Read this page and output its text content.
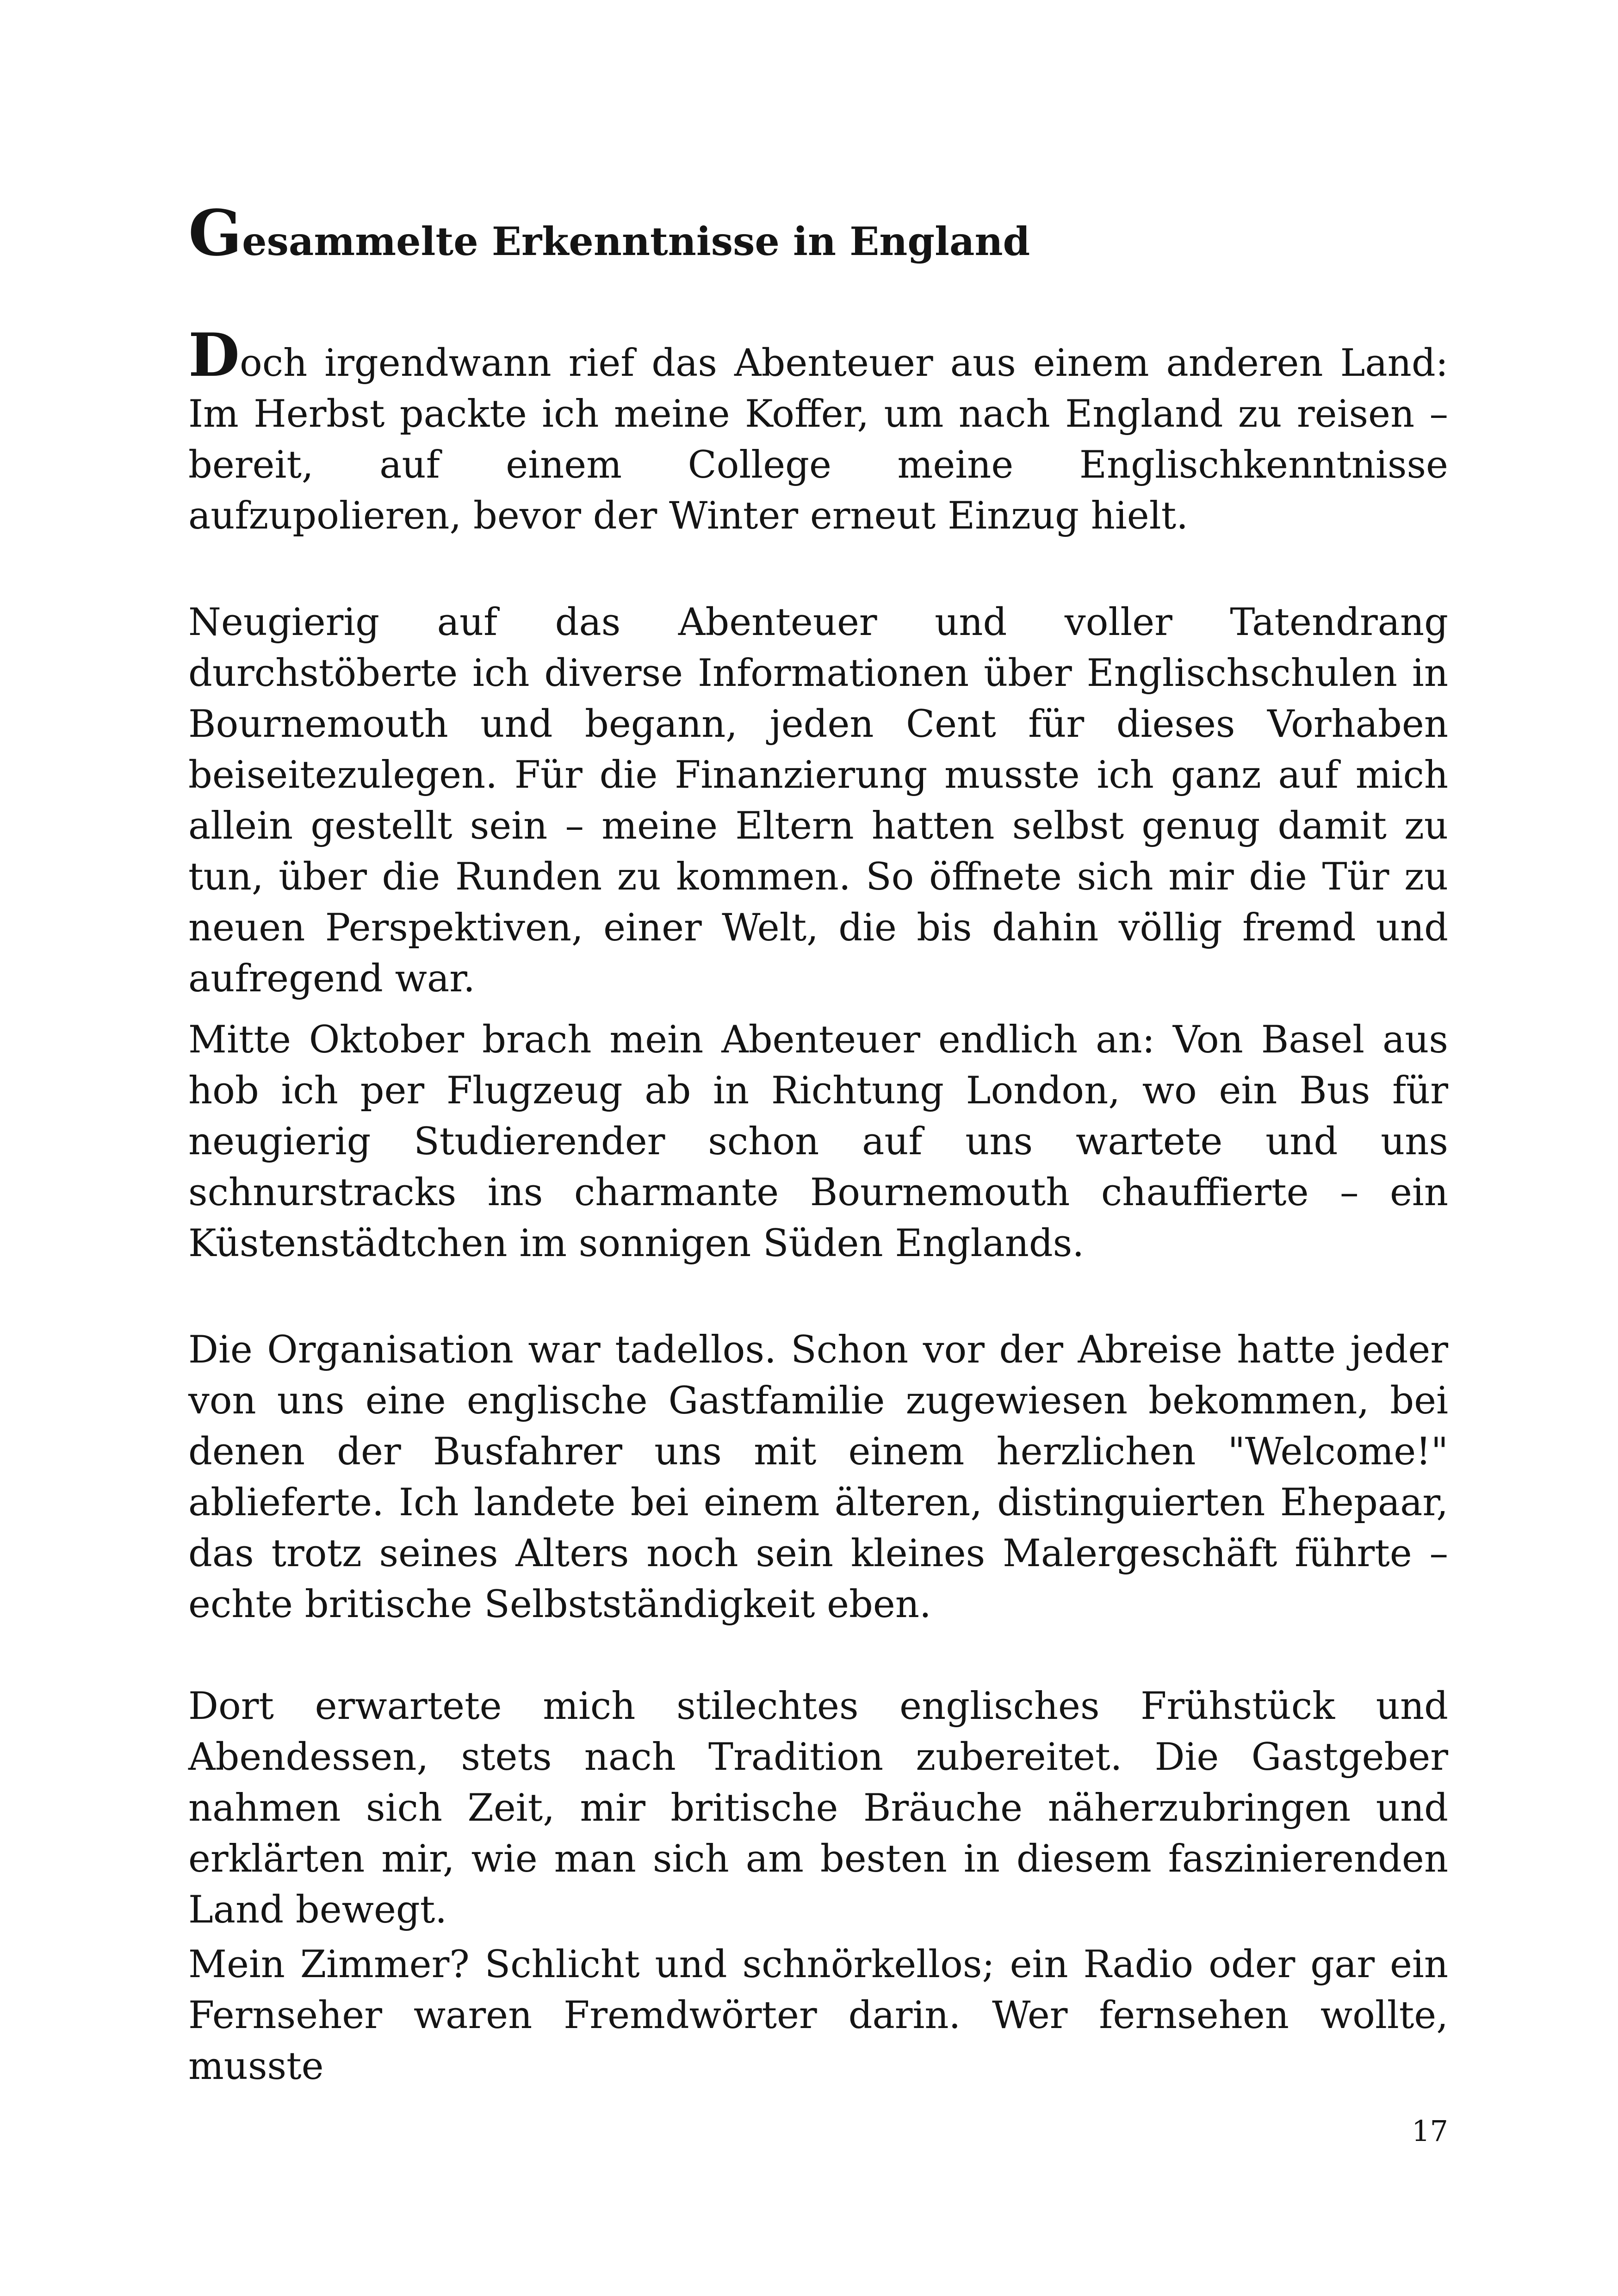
Gesammelte Erkenntnisse in England

Doch irgendwann rief das Abenteuer aus einem anderen Land: Im Herbst packte ich meine Koffer, um nach England zu reisen – bereit, auf einem College meine Englischkenntnisse aufzupolieren, bevor der Winter erneut Einzug hielt.

Neugierig auf das Abenteuer und voller Tatendrang durchstöberte ich diverse Informationen über Englischschulen in Bournemouth und begann, jeden Cent für dieses Vorhaben beiseitezulegen. Für die Finanzierung musste ich ganz auf mich allein gestellt sein – meine Eltern hatten selbst genug damit zu tun, über die Runden zu kommen. So öffnete sich mir die Tür zu neuen Perspektiven, einer Welt, die bis dahin völlig fremd und aufregend war.

Mitte Oktober brach mein Abenteuer endlich an: Von Basel aus hob ich per Flugzeug ab in Richtung London, wo ein Bus für neugierig Studierender schon auf uns wartete und uns schnurstracks ins charmante Bournemouth chauffierte – ein Küstenstädtchen im sonnigen Süden Englands.

Die Organisation war tadellos. Schon vor der Abreise hatte jeder von uns eine englische Gastfamilie zugewiesen bekommen, bei denen der Busfahrer uns mit einem herzlichen "Welcome!" ablieferte. Ich landete bei einem älteren, distinguierten Ehepaar, das trotz seines Alters noch sein kleines Malergeschäft führte – echte britische Selbstständigkeit eben.

Dort erwartete mich stilechtes englisches Frühstück und Abendessen, stets nach Tradition zubereitet. Die Gastgeber nahmen sich Zeit, mir britische Bräuche näherzubringen und erklärten mir, wie man sich am besten in diesem faszinierenden Land bewegt.

Mein Zimmer? Schlicht und schnörkellos; ein Radio oder gar ein Fernseher waren Fremdwörter darin. Wer fernsehen wollte, musste

17
